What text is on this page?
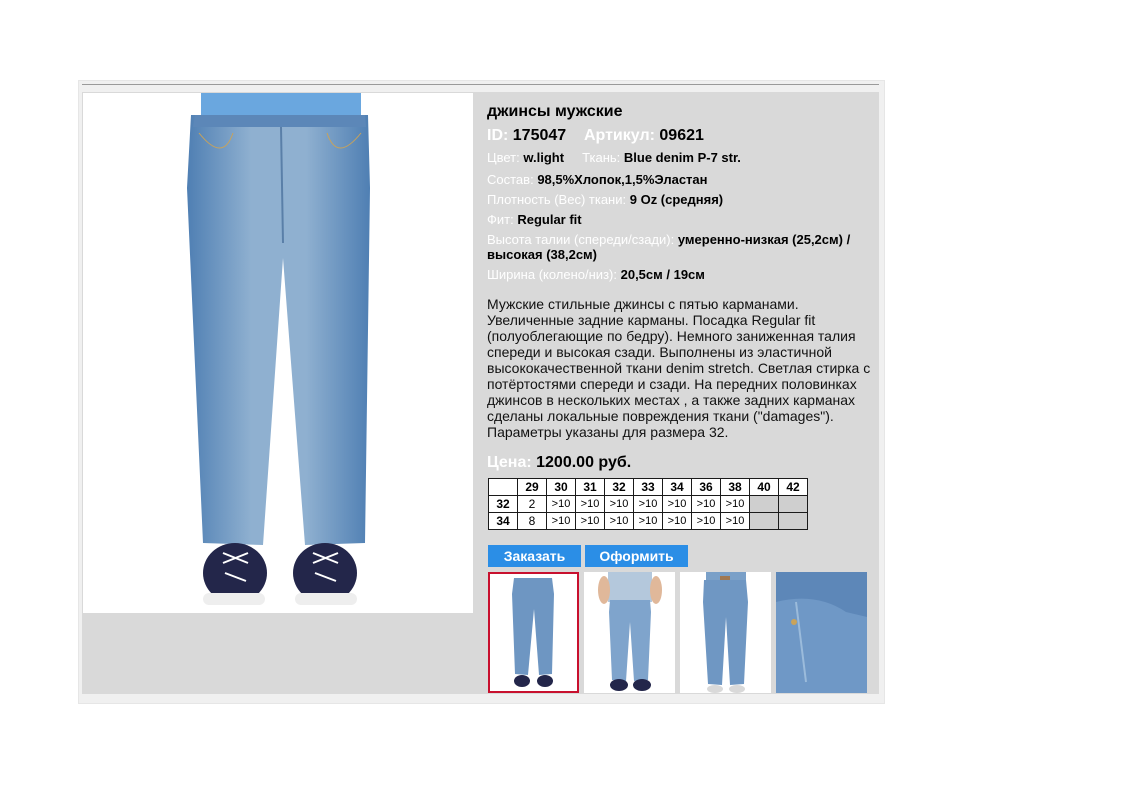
джинсы мужские
ID: 175047 Артикул: 09621
Цвет: w.light Ткань: Blue denim P-7 str.
Состав: 98,5%Хлопок,1,5%Эластан
Плотность (Вес) ткани: 9 Oz (средняя)
Фит: Regular fit
Высота талии (спереди/сзади): умеренно-низкая (25,2см) / высокая (38,2см)
Ширина (колено/низ): 20,5см / 19см
Мужские стильные джинсы с пятью карманами. Увеличенные задние карманы. Посадка Regular fit (полуоблегающие по бедру). Немного заниженная талия спереди и высокая сзади. Выполнены из эластичной высококачественной ткани denim stretch. Светлая стирка с потёртостями спереди и сзади. На передних половинках джинсов в нескольких местах , а также задних карманах сделаны локальные повреждения ткани ("damages"). Параметры указаны для размера 32.
Цена: 1200.00 руб.
	29	30	31	32	33	34	36	38	40	42
32	2	>10	>10	>10	>10	>10	>10	>10		
34	8	>10	>10	>10	>10	>10	>10	>10		
Заказать	Оформить
